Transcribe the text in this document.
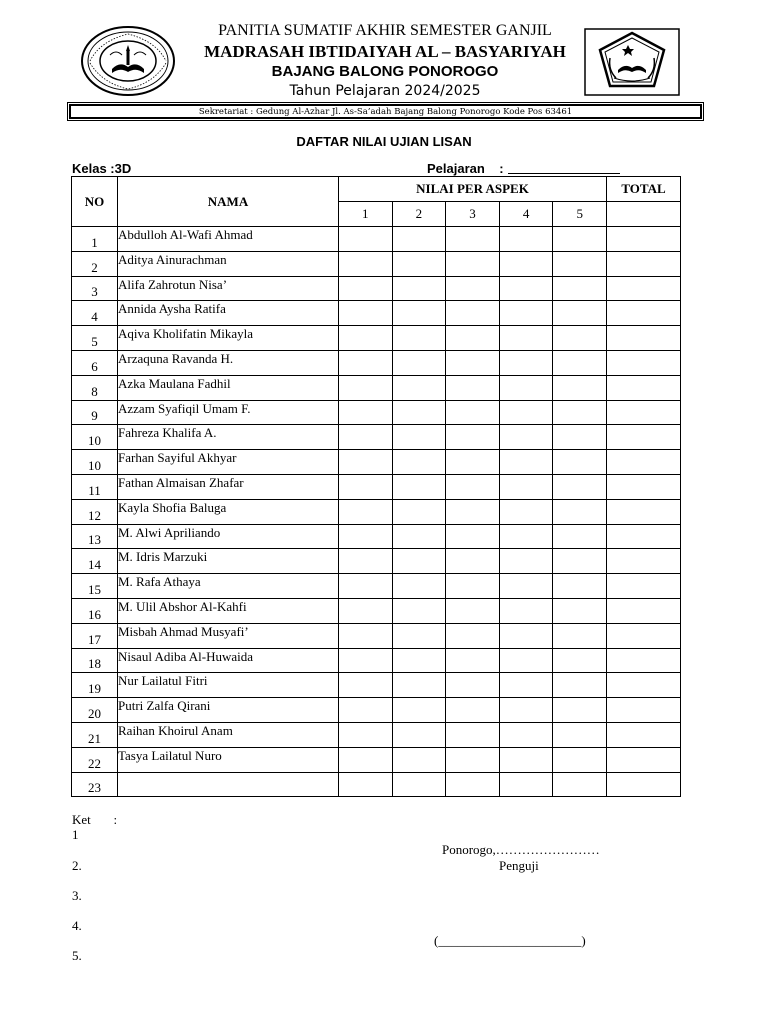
PANITIA SUMATIF AKHIR SEMESTER GANJIL
MADRASAH IBTIDAIYAH AL – BASYARIYAH
BAJANG BALONG PONOROGO
Tahun Pelajaran 2024/2025
Sekretariat : Gedung Al-Azhar Jl. As-Sa’adah Bajang Balong Ponorogo Kode Pos 63461
DAFTAR NILAI UJIAN LISAN
Kelas :3D	Pelajaran    :
NO	NAMA	NILAI PER ASPEK					TOTAL
		1	2	3	4	5	
1	Abdulloh Al-Wafi Ahmad						
2	Aditya Ainurachman						
3	Alifa Zahrotun Nisa’						
4	Annida Aysha Ratifa						
5	Aqiva Kholifatin Mikayla						
6	Arzaquna Ravanda H.						
8	Azka Maulana Fadhil						
9	Azzam Syafiqil Umam F.						
10	Fahreza Khalifa A.						
10	Farhan Sayiful Akhyar						
11	Fathan Almaisan Zhafar						
12	Kayla Shofia Baluga						
13	M. Alwi Apriliando						
14	M. Idris Marzuki						
15	M. Rafa Athaya						
16	M. Ulil Abshor Al-Kahfi						
17	Misbah Ahmad Musyafi’						
18	Nisaul Adiba Al-Huwaida						
19	Nur Lailatul Fitri						
20	Putri Zalfa Qirani						
21	Raihan Khoirul Anam						
22	Tasya Lailatul Nuro						
23							
Ket       :
1
2.
3.
4.
5.
Ponorogo,……………………
Penguji
(______________________)
